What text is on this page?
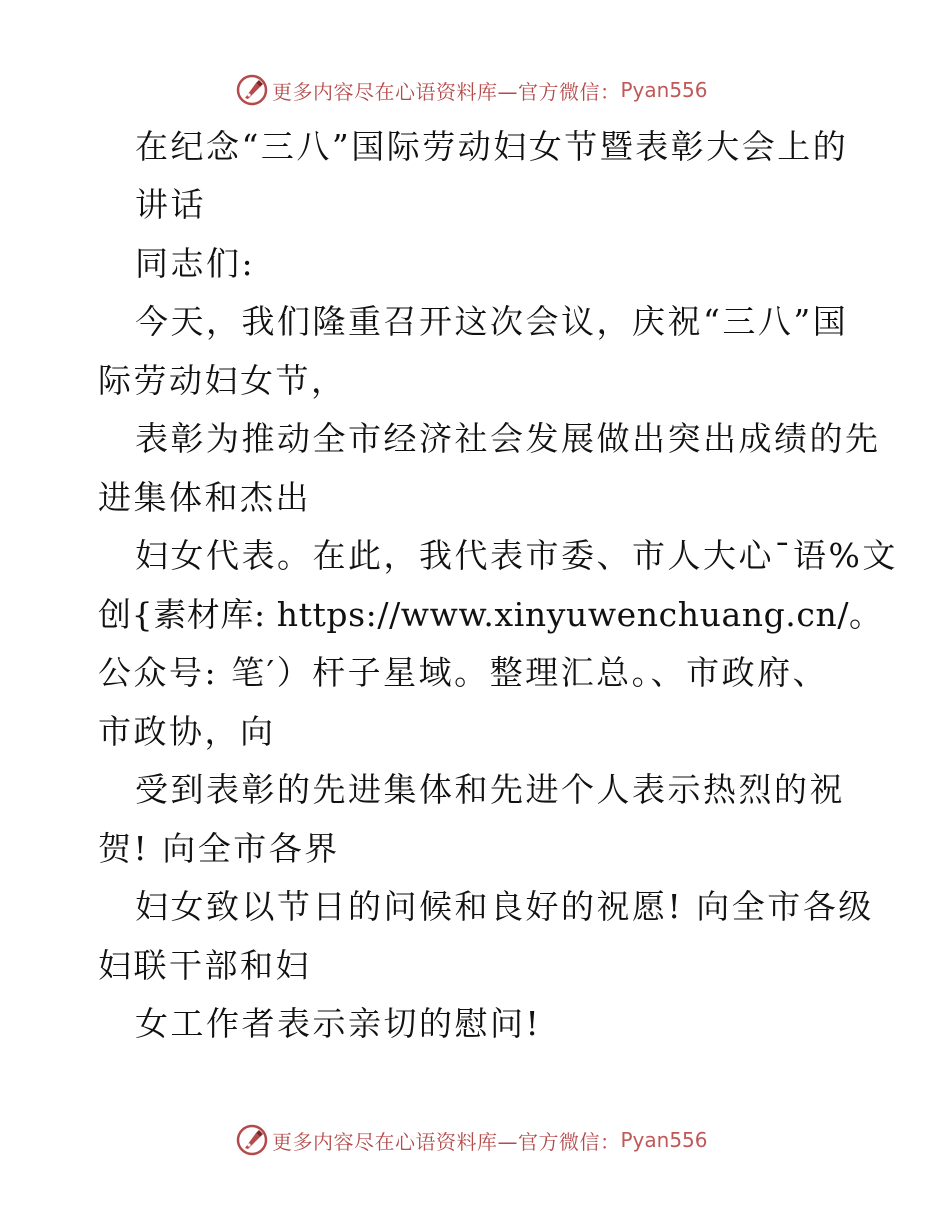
更多内容尽在心语资料库—官方微信： Pyan556
在纪念“三八”国际劳动妇女节暨表彰大会上的
讲话
同志们:
今天，我们隆重召开这次会议，庆祝“三八”国
际劳动妇女节，
表彰为推动全市经济社会发展做出突出成绩的先
进集体和杰出
妇女代表。在此，我代表市委、市人大心¯语%文
创{素材库: https://www.xinyuwenchuang.cn/。
公众号: 笔′）杆子星域。整理汇总。、市政府、
市政协，向
受到表彰的先进集体和先进个人表示热烈的祝
贺! 向全市各界
妇女致以节日的问候和良好的祝愿! 向全市各级
妇联干部和妇
女工作者表示亲切的慰问!
更多内容尽在心语资料库—官方微信： Pyan556
